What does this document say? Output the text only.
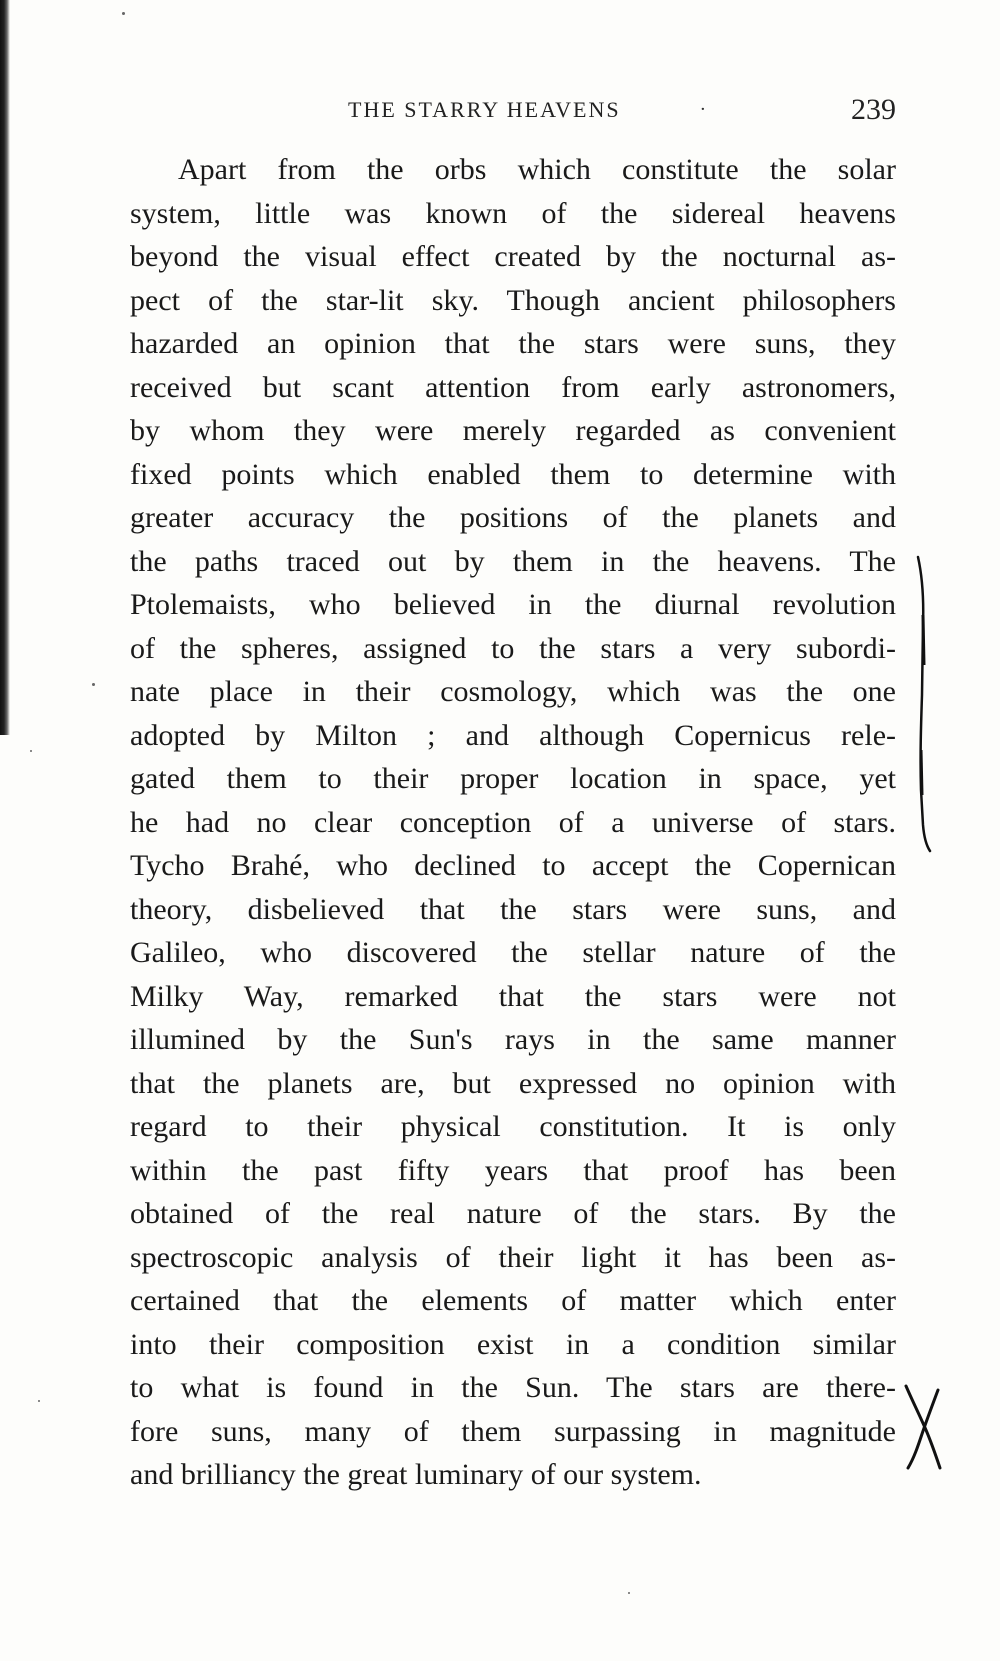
THE STARRY HEAVENS	·	239
Apart from the orbs which constitute the solar
system, little was known of the sidereal heavens
beyond the visual effect created by the nocturnal as-
pect of the star-lit sky. Though ancient philosophers
hazarded an opinion that the stars were suns, they
received but scant attention from early astronomers,
by whom they were merely regarded as convenient
fixed points which enabled them to determine with
greater accuracy the positions of the planets and
the paths traced out by them in the heavens. The
Ptolemaists, who believed in the diurnal revolution
of the spheres, assigned to the stars a very subordi-
nate place in their cosmology, which was the one
adopted by Milton ; and although Copernicus rele-
gated them to their proper location in space, yet
he had no clear conception of a universe of stars.
Tycho Brahé, who declined to accept the Copernican
theory, disbelieved that the stars were suns, and
Galileo, who discovered the stellar nature of the
Milky Way, remarked that the stars were not
illumined by the Sun's rays in the same manner
that the planets are, but expressed no opinion with
regard to their physical constitution. It is only
within the past fifty years that proof has been
obtained of the real nature of the stars. By the
spectroscopic analysis of their light it has been as-
certained that the elements of matter which enter
into their composition exist in a condition similar
to what is found in the Sun. The stars are there-
fore suns, many of them surpassing in magnitude
and brilliancy the great luminary of our system.
